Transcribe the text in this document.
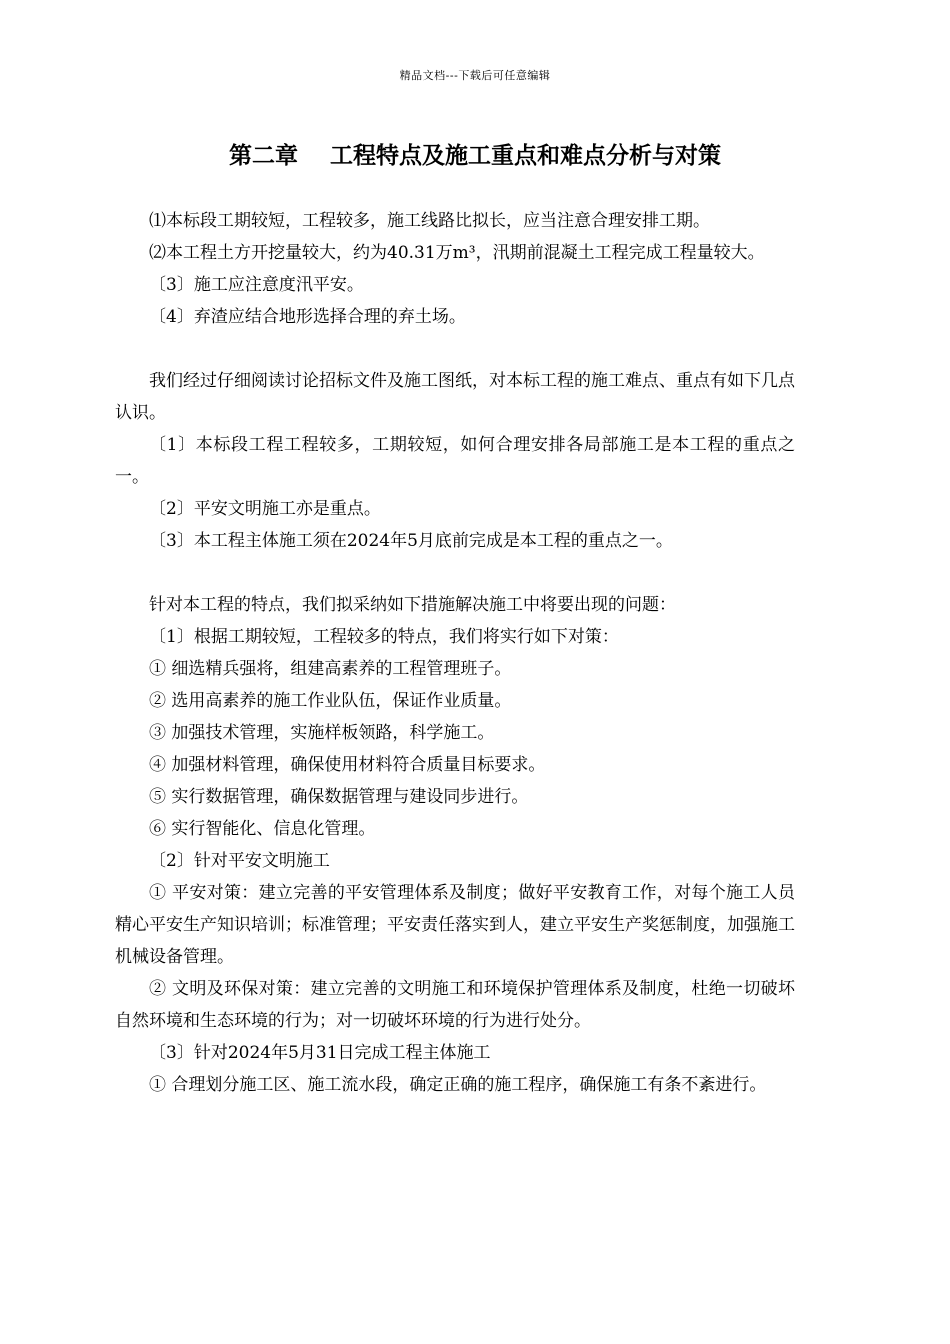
精品文档---下载后可任意编辑
第二章    工程特点及施工重点和难点分析与对策

⑴本标段工期较短，工程较多，施工线路比拟长，应当注意合理安排工期。

⑵本工程土方开挖量较大，约为40.31万m³，汛期前混凝土工程完成工程量较大。

〔3〕施工应注意度汛平安。

〔4〕弃渣应结合地形选择合理的弃土场。

我们经过仔细阅读讨论招标文件及施工图纸，对本标工程的施工难点、重点有如下几点认识。

〔1〕本标段工程工程较多，工期较短，如何合理安排各局部施工是本工程的重点之一。

〔2〕平安文明施工亦是重点。

〔3〕本工程主体施工须在2024年5月底前完成是本工程的重点之一。

针对本工程的特点，我们拟采纳如下措施解决施工中将要出现的问题：

〔1〕根据工期较短，工程较多的特点，我们将实行如下对策：

① 细选精兵强将，组建高素养的工程管理班子。

② 选用高素养的施工作业队伍，保证作业质量。

③ 加强技术管理，实施样板领路，科学施工。

④ 加强材料管理，确保使用材料符合质量目标要求。

⑤ 实行数据管理，确保数据管理与建设同步进行。

⑥ 实行智能化、信息化管理。

〔2〕针对平安文明施工

① 平安对策：建立完善的平安管理体系及制度；做好平安教育工作，对每个施工人员精心平安生产知识培训；标准管理；平安责任落实到人，建立平安生产奖惩制度，加强施工机械设备管理。

② 文明及环保对策：建立完善的文明施工和环境保护管理体系及制度，杜绝一切破坏自然环境和生态环境的行为；对一切破坏环境的行为进行处分。

〔3〕针对2024年5月31日完成工程主体施工

① 合理划分施工区、施工流水段，确定正确的施工程序，确保施工有条不紊进行。
